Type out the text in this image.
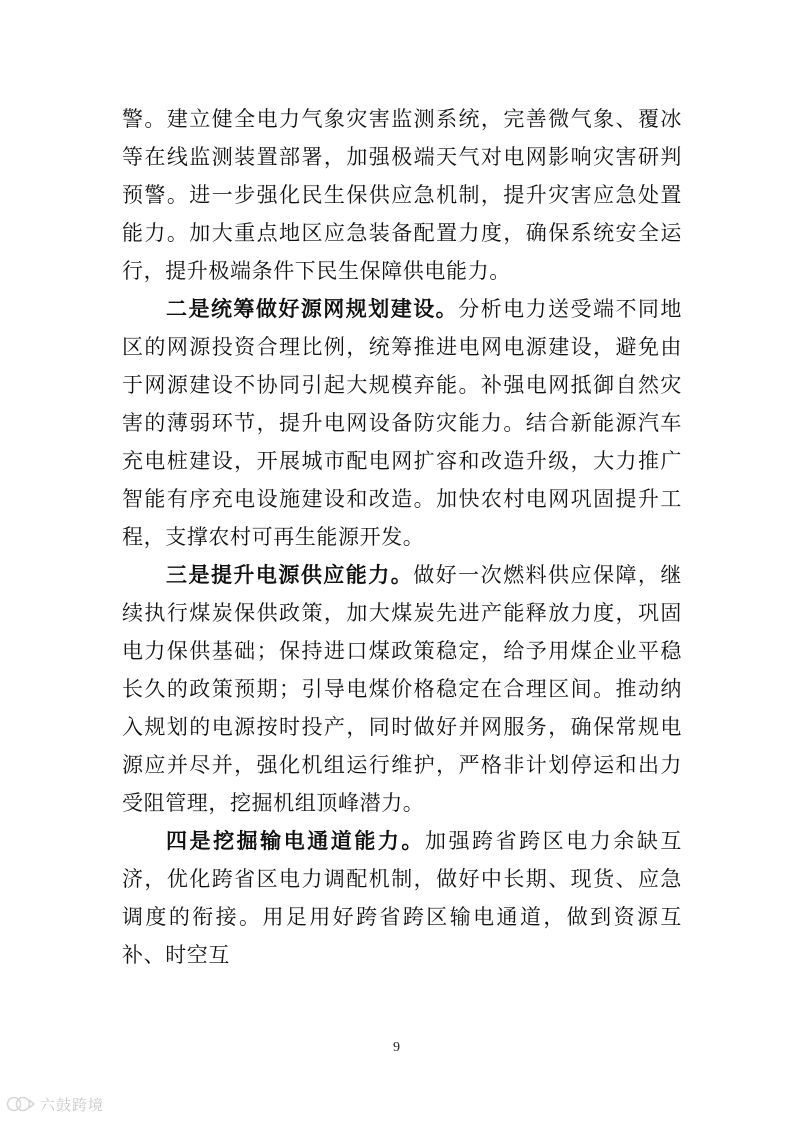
警。建立健全电力气象灾害监测系统，完善微气象、覆冰等在线监测装置部署，加强极端天气对电网影响灾害研判预警。进一步强化民生保供应急机制，提升灾害应急处置能力。加大重点地区应急装备配置力度，确保系统安全运行，提升极端条件下民生保障供电能力。

二是统筹做好源网规划建设。分析电力送受端不同地区的网源投资合理比例，统筹推进电网电源建设，避免由于网源建设不协同引起大规模弃能。补强电网抵御自然灾害的薄弱环节，提升电网设备防灾能力。结合新能源汽车充电桩建设，开展城市配电网扩容和改造升级，大力推广智能有序充电设施建设和改造。加快农村电网巩固提升工程，支撑农村可再生能源开发。

三是提升电源供应能力。做好一次燃料供应保障，继续执行煤炭保供政策，加大煤炭先进产能释放力度，巩固电力保供基础；保持进口煤政策稳定，给予用煤企业平稳长久的政策预期；引导电煤价格稳定在合理区间。推动纳入规划的电源按时投产，同时做好并网服务，确保常规电源应并尽并，强化机组运行维护，严格非计划停运和出力受阻管理，挖掘机组顶峰潜力。

四是挖掘输电通道能力。加强跨省跨区电力余缺互济，优化跨省区电力调配机制，做好中长期、现货、应急调度的衔接。用足用好跨省跨区输电通道，做到资源互补、时空互

9
六鼓跨境
